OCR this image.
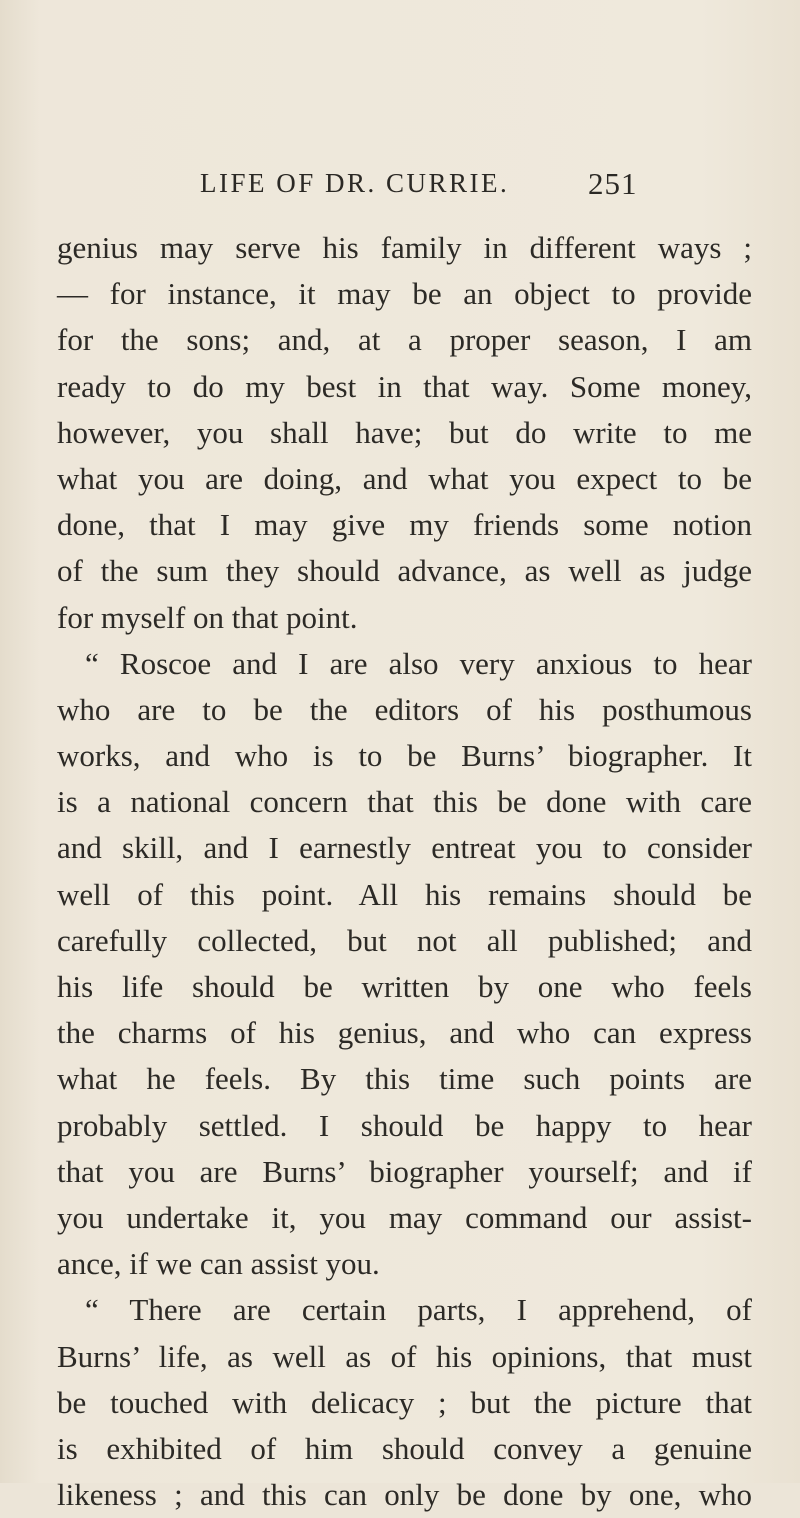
LIFE OF DR. CURRIE.	251
genius may serve his family in different ways ;
— for instance, it may be an object to provide
for the sons; and, at a proper season, I am
ready to do my best in that way. Some money,
however, you shall have; but do write to me
what you are doing, and what you expect to be
done, that I may give my friends some notion
of the sum they should advance, as well as judge
for myself on that point.
“ Roscoe and I are also very anxious to hear
who are to be the editors of his posthumous
works, and who is to be Burns’ biographer. It
is a national concern that this be done with care
and skill, and I earnestly entreat you to consider
well of this point. All his remains should be
carefully collected, but not all published; and
his life should be written by one who feels
the charms of his genius, and who can express
what he feels. By this time such points are
probably settled. I should be happy to hear
that you are Burns’ biographer yourself; and if
you undertake it, you may command our assist-
ance, if we can assist you.
“ There are certain parts, I apprehend, of
Burns’ life, as well as of his opinions, that must
be touched with delicacy ; but the picture that
is exhibited of him should convey a genuine
likeness ; and this can only be done by one, who
